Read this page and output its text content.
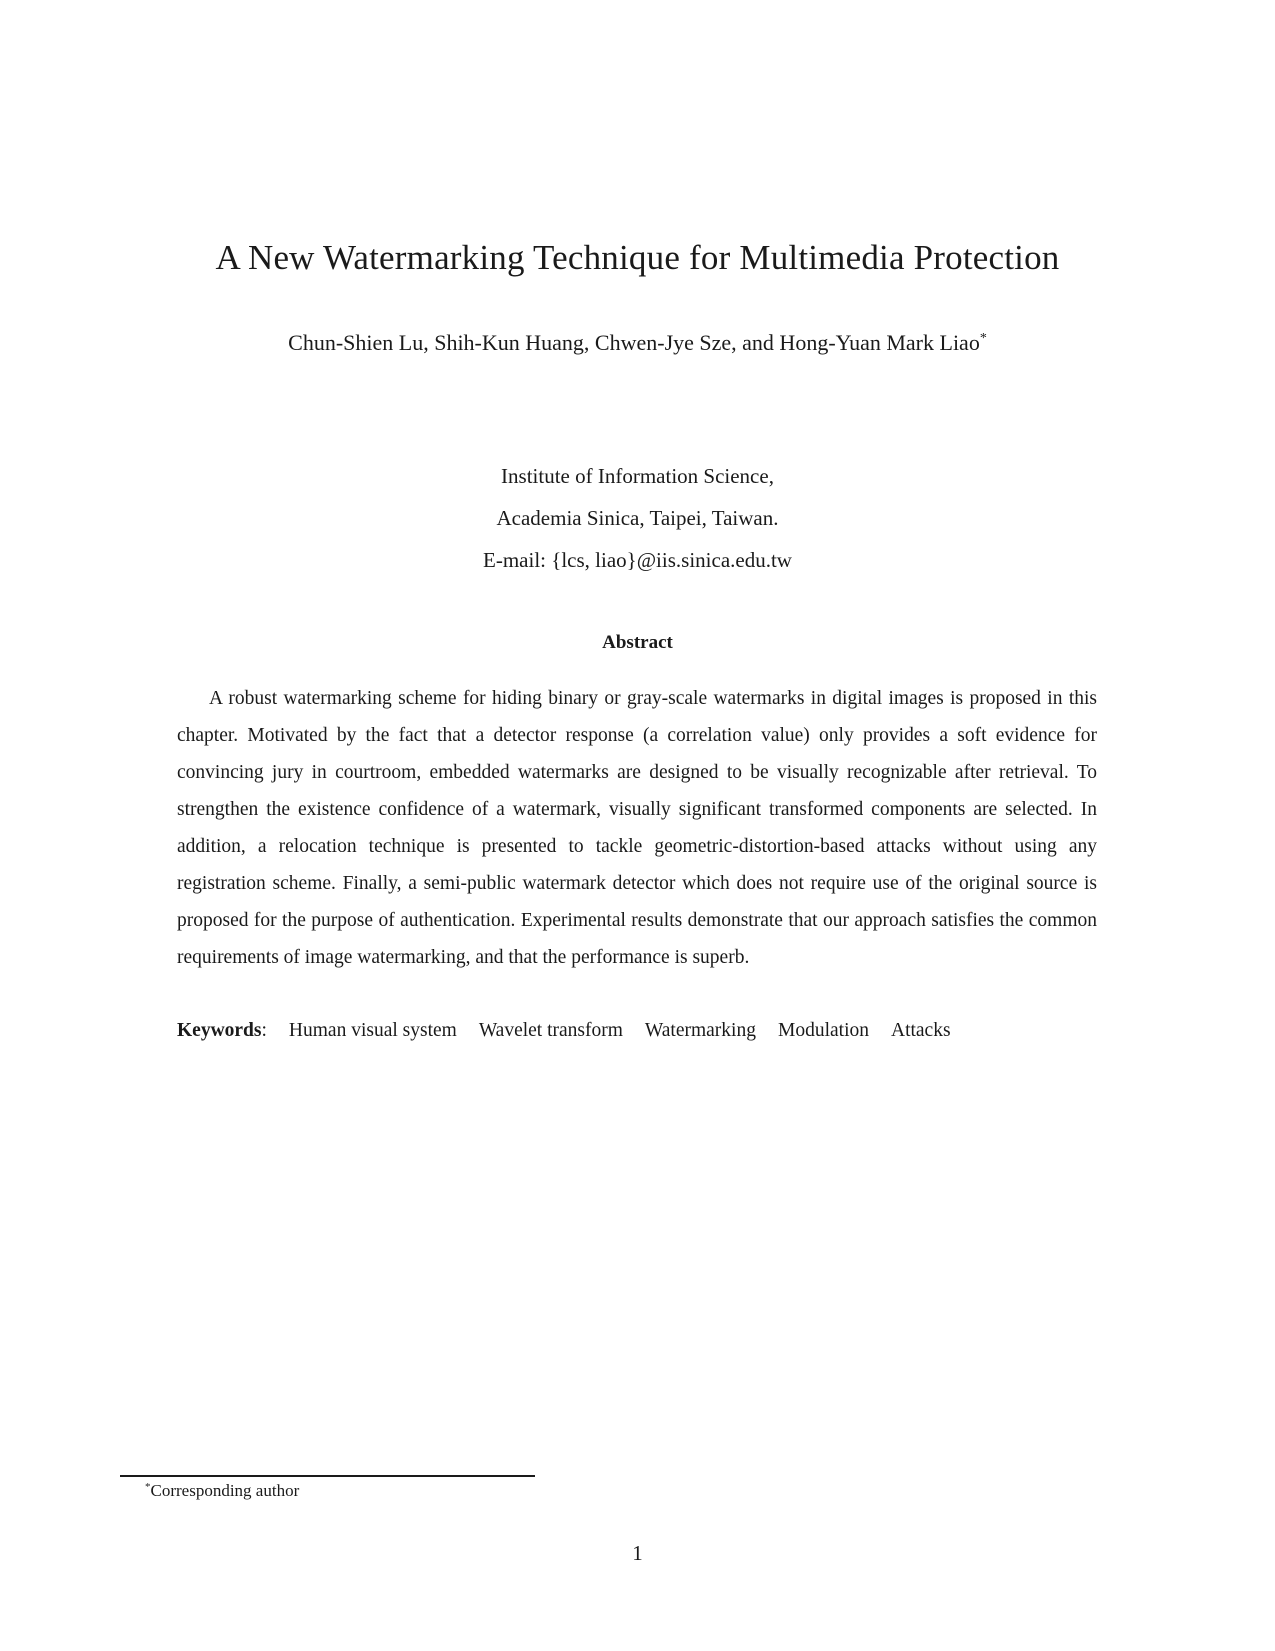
A New Watermarking Technique for Multimedia Protection

Chun-Shien Lu, Shih-Kun Huang, Chwen-Jye Sze, and Hong-Yuan Mark Liao*

Institute of Information Science,
Academia Sinica, Taipei, Taiwan.
E-mail: {lcs, liao}@iis.sinica.edu.tw
Abstract

A robust watermarking scheme for hiding binary or gray-scale watermarks in digital images is proposed in this chapter. Motivated by the fact that a detector response (a correlation value) only provides a soft evidence for convincing jury in courtroom, embedded watermarks are designed to be visually recognizable after retrieval. To strengthen the existence confidence of a watermark, visually significant transformed components are selected. In addition, a relocation technique is presented to tackle geometric-distortion-based attacks without using any registration scheme. Finally, a semi-public watermark detector which does not require use of the original source is proposed for the purpose of authentication. Experimental results demonstrate that our approach satisfies the common requirements of image watermarking, and that the performance is superb.

Keywords: Human visual system Wavelet transform Watermarking Modulation Attacks

*Corresponding author

1
